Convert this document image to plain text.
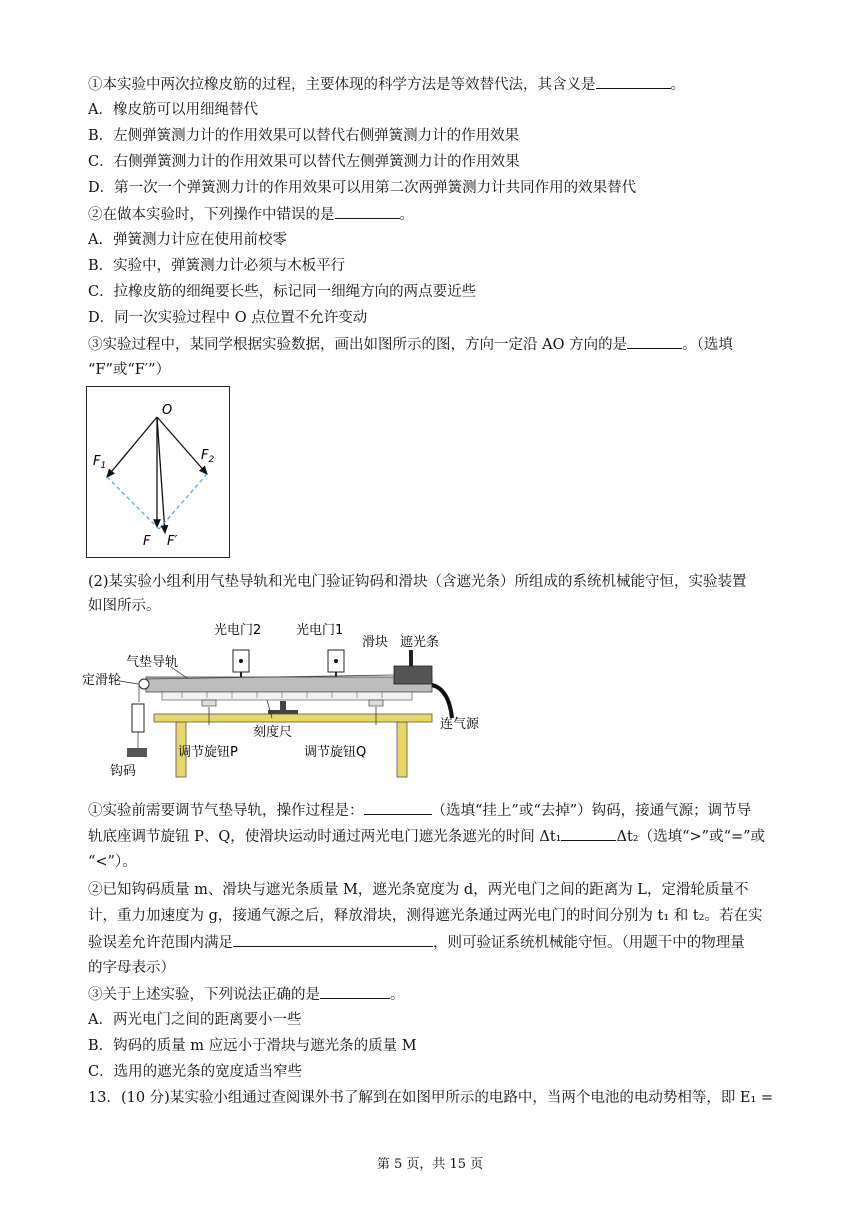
①本实验中两次拉橡皮筋的过程，主要体现的科学方法是等效替代法，其含义是	。
A．橡皮筋可以用细绳替代
B．左侧弹簧测力计的作用效果可以替代右侧弹簧测力计的作用效果
C．右侧弹簧测力计的作用效果可以替代左侧弹簧测力计的作用效果
D．第一次一个弹簧测力计的作用效果可以用第二次两弹簧测力计共同作用的效果替代
②在做本实验时，下列操作中错误的是	。
A．弹簧测力计应在使用前校零
B．实验中，弹簧测力计必须与木板平行
C．拉橡皮筋的细绳要长些，标记同一细绳方向的两点要近些
D．同一次实验过程中 O 点位置不允许变动
③实验过程中，某同学根据实验数据，画出如图所示的图，方向一定沿 AO 方向的是	。（选填
“F”或“F′”）
O
$F_1$
$F_2$
F F′
(2)某实验小组利用气垫导轨和光电门验证钩码和滑块（含遮光条）所组成的系统机械能守恒，实验装置
如图所示。
光电门2	光电门1
滑块 遮光条
气垫导轨
定滑轮
连气源
刻度尺
调节旋钮P	调节旋钮Q
钩码
①实验前需要调节气垫导轨，操作过程是：	（选填“挂上”或“去掉”）钩码，接通气源；调节导
轨底座调节旋钮 P、Q，使滑块运动时通过两光电门遮光条遮光的时间 Δt₁	Δt₂（选填“>”或“=”或
“<”）。
②已知钩码质量 m、滑块与遮光条质量 M，遮光条宽度为 d，两光电门之间的距离为 L，定滑轮质量不
计，重力加速度为 g，接通气源之后，释放滑块，测得遮光条通过两光电门的时间分别为 t₁ 和 t₂。若在实
验误差允许范围内满足	，则可验证系统机械能守恒。（用题干中的物理量
的字母表示）
③关于上述实验，下列说法正确的是	。
A．两光电门之间的距离要小一些
B．钩码的质量 m 应远小于滑块与遮光条的质量 M
C．选用的遮光条的宽度适当窄些
13．(10 分)某实验小组通过查阅课外书了解到在如图甲所示的电路中，当两个电池的电动势相等，即 E₁ =
第 5 页，共 15 页
